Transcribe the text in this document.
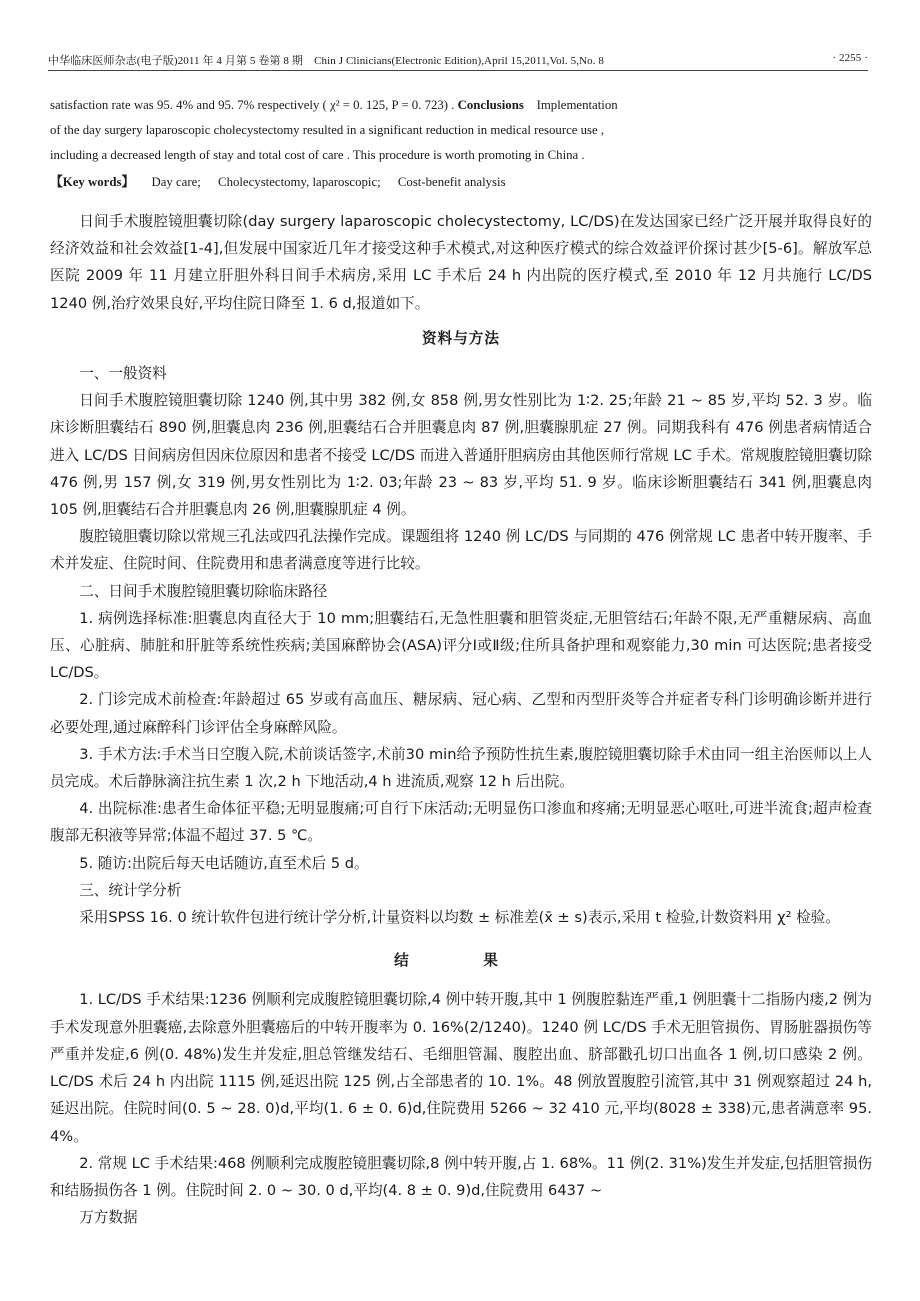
中华临床医师杂志(电子版)2011 年 4 月第 5 卷第 8 期　Chin J Clinicians(Electronic Edition),April 15,2011,Vol. 5,No. 8	· 2255 ·
satisfaction rate was 95. 4% and 95. 7% respectively ( χ² = 0. 125, P = 0. 723) . Conclusions Implementation
of the day surgery laparoscopic cholecystectomy resulted in a significant reduction in medical resource use ,
including a decreased length of stay and total cost of care . This procedure is worth promoting in China .
【Key words】 Day care; Cholecystectomy, laparoscopic; Cost-benefit analysis

日间手术腹腔镜胆囊切除(day surgery laparoscopic cholecystectomy, LC/DS)在发达国家已经广泛开展并取得良好的经济效益和社会效益[1-4],但发展中国家近几年才接受这种手术模式,对这种医疗模式的综合效益评价探讨甚少[5-6]。解放军总医院 2009 年 11 月建立肝胆外科日间手术病房,采用 LC 手术后 24 h 内出院的医疗模式,至 2010 年 12 月共施行 LC/DS 1240 例,治疗效果良好,平均住院日降至 1. 6 d,报道如下。

资料与方法

一、一般资料

日间手术腹腔镜胆囊切除 1240 例,其中男 382 例,女 858 例,男女性别比为 1∶2. 25;年龄 21 ~ 85 岁,平均 52. 3 岁。临床诊断胆囊结石 890 例,胆囊息肉 236 例,胆囊结石合并胆囊息肉 87 例,胆囊腺肌症 27 例。同期我科有 476 例患者病情适合进入 LC/DS 日间病房但因床位原因和患者不接受 LC/DS 而进入普通肝胆病房由其他医师行常规 LC 手术。常规腹腔镜胆囊切除 476 例,男 157 例,女 319 例,男女性别比为 1∶2. 03;年龄 23 ~ 83 岁,平均 51. 9 岁。临床诊断胆囊结石 341 例,胆囊息肉 105 例,胆囊结石合并胆囊息肉 26 例,胆囊腺肌症 4 例。

腹腔镜胆囊切除以常规三孔法或四孔法操作完成。课题组将 1240 例 LC/DS 与同期的 476 例常规 LC 患者中转开腹率、手术并发症、住院时间、住院费用和患者满意度等进行比较。

二、日间手术腹腔镜胆囊切除临床路径

1. 病例选择标准:胆囊息肉直径大于 10 mm;胆囊结石,无急性胆囊和胆管炎症,无胆管结石;年龄不限,无严重糖尿病、高血压、心脏病、肺脏和肝脏等系统性疾病;美国麻醉协会(ASA)评分Ⅰ或Ⅱ级;住所具备护理和观察能力,30 min 可达医院;患者接受 LC/DS。

2. 门诊完成术前检查:年龄超过 65 岁或有高血压、糖尿病、冠心病、乙型和丙型肝炎等合并症者专科门诊明确诊断并进行必要处理,通过麻醉科门诊评估全身麻醉风险。

3. 手术方法:手术当日空腹入院,术前谈话签字,术前30 min给予预防性抗生素,腹腔镜胆囊切除手术由同一组主治医师以上人员完成。术后静脉滴注抗生素 1 次,2 h 下地活动,4 h 进流质,观察 12 h 后出院。

4. 出院标准:患者生命体征平稳;无明显腹痛;可自行下床活动;无明显伤口渗血和疼痛;无明显恶心呕吐,可进半流食;超声检查腹部无积液等异常;体温不超过 37. 5 ℃。

5. 随访:出院后每天电话随访,直至术后 5 d。

三、统计学分析

采用SPSS 16. 0 统计软件包进行统计学分析,计量资料以均数 ± 标准差(x̄ ± s)表示,采用 t 检验,计数资料用 χ² 检验。

结　果

1. LC/DS 手术结果:1236 例顺利完成腹腔镜胆囊切除,4 例中转开腹,其中 1 例腹腔黏连严重,1 例胆囊十二指肠内瘘,2 例为手术发现意外胆囊癌,去除意外胆囊癌后的中转开腹率为 0. 16%(2/1240)。1240 例 LC/DS 手术无胆管损伤、胃肠脏器损伤等严重并发症,6 例(0. 48%)发生并发症,胆总管继发结石、毛细胆管漏、腹腔出血、脐部戳孔切口出血各 1 例,切口感染 2 例。LC/DS 术后 24 h 内出院 1115 例,延迟出院 125 例,占全部患者的 10. 1%。48 例放置腹腔引流管,其中 31 例观察超过 24 h,延迟出院。住院时间(0. 5 ~ 28. 0)d,平均(1. 6 ± 0. 6)d,住院费用 5266 ~ 32 410 元,平均(8028 ± 338)元,患者满意率 95. 4%。

2. 常规 LC 手术结果:468 例顺利完成腹腔镜胆囊切除,8 例中转开腹,占 1. 68%。11 例(2. 31%)发生并发症,包括胆管损伤和结肠损伤各 1 例。住院时间 2. 0 ~ 30. 0 d,平均(4. 8 ± 0. 9)d,住院费用 6437 ~

万方数据
